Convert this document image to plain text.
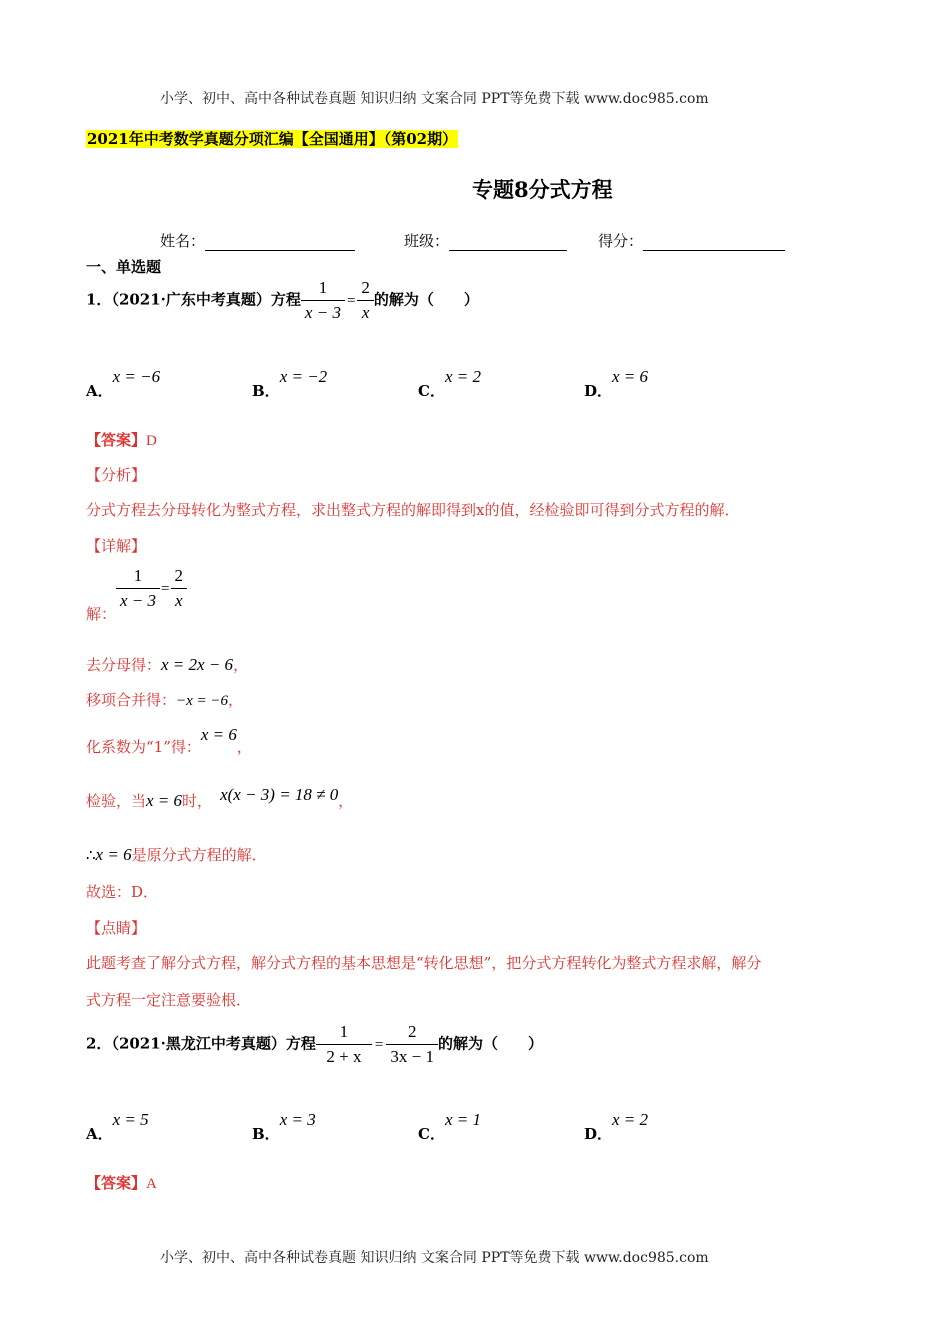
小学、初中、高中各种试卷真题 知识归纳 文案合同 PPT等免费下载 www.doc985.com
2021年中考数学真题分项汇编【全国通用】（第02期）
专题8分式方程
姓名：	班级：	得分：
一、单选题
1．（2021·广东中考真题）方程 $\frac{1}{x - 3} = \frac{2}{x}$ 的解为（　　）
A．x = −6
B．x = −2
C．x = 2
D．x = 6
【答案】D
【分析】
分式方程去分母转化为整式方程，求出整式方程的解即得到x的值，经检验即可得到分式方程的解．
【详解】
解：
$\frac{1}{x - 3} = \frac{2}{x}$
去分母得：x = 2x − 6，
移项合并得：−x = −6，
化系数为“1”得：x = 6，
检验，当x = 6时， x(x − 3) = 18 ≠ 0，
∴x = 6是原分式方程的解．
故选：D．
【点睛】
此题考查了解分式方程，解分式方程的基本思想是“转化思想”，把分式方程转化为整式方程求解，解分
式方程一定注意要验根．
2．（2021·黑龙江中考真题）方程 $\frac{1}{2 + x} = \frac{2}{3x - 1}$ 的解为（　　）
A．x = 5
B．x = 3
C．x = 1
D．x = 2
【答案】A
小学、初中、高中各种试卷真题 知识归纳 文案合同 PPT等免费下载 www.doc985.com
